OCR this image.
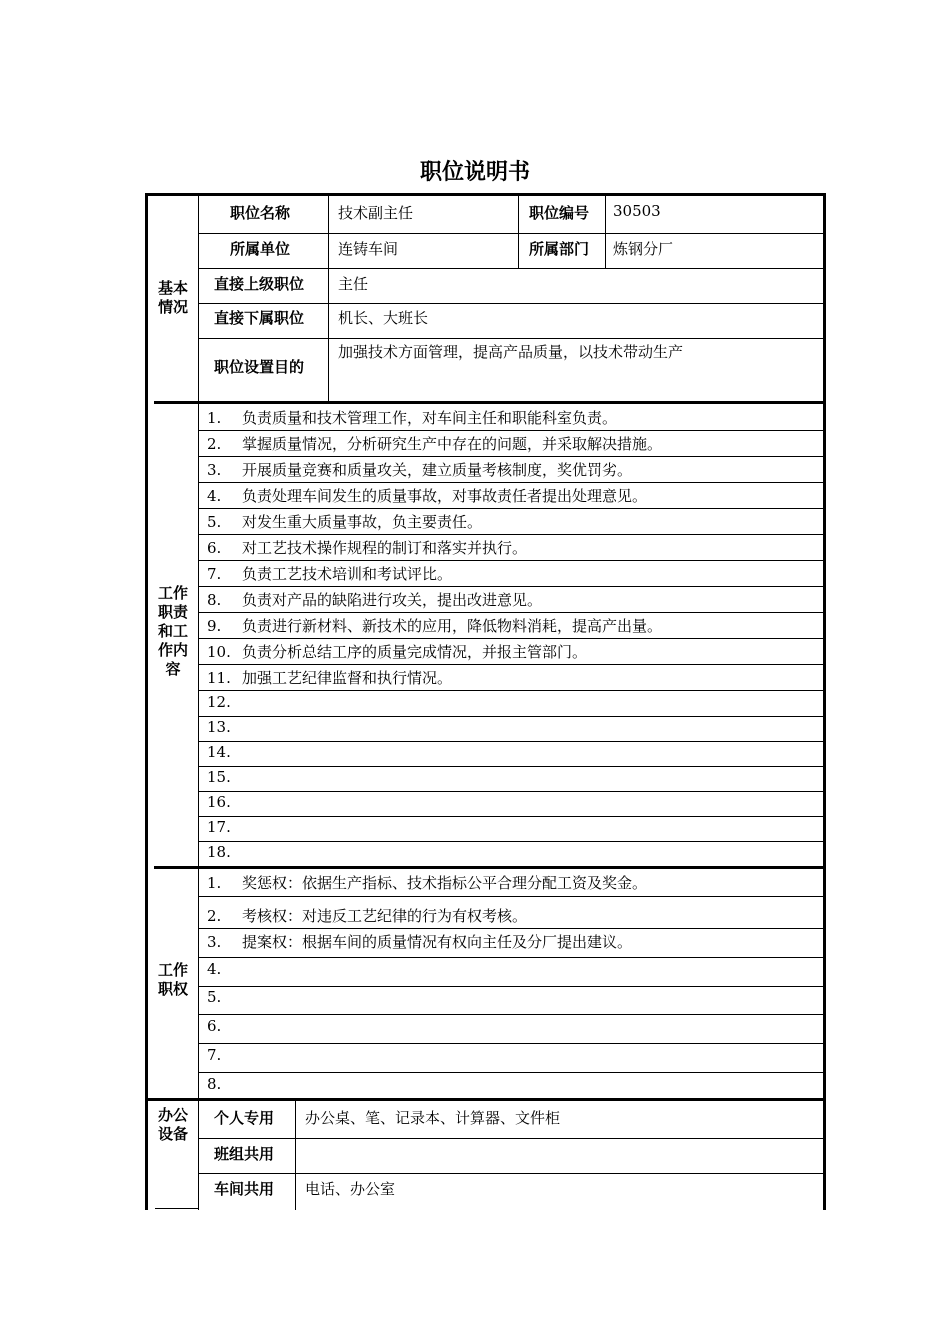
职位说明书
基本
情况
职位名称	技术副主任	职位编号 30503
所属单位	连铸车间	所属部门 炼钢分厂
直接上级职位 主任
直接下属职位 机长、大班长
职位设置目的
加强技术方面管理，提高产品质量，以技术带动生产
工作
职责
和工
作内
容
1. 负责质量和技术管理工作，对车间主任和职能科室负责。
2. 掌握质量情况，分析研究生产中存在的问题，并采取解决措施。
3. 开展质量竞赛和质量攻关，建立质量考核制度，奖优罚劣。
4. 负责处理车间发生的质量事故，对事故责任者提出处理意见。
5. 对发生重大质量事故，负主要责任。
6. 对工艺技术操作规程的制订和落实并执行。
7. 负责工艺技术培训和考试评比。
8. 负责对产品的缺陷进行攻关，提出改进意见。
9. 负责进行新材料、新技术的应用，降低物料消耗，提高产出量。
10. 负责分析总结工序的质量完成情况，并报主管部门。
11. 加强工艺纪律监督和执行情况。
12.
13.
14.
15.
16.
17.
18.
工作
职权
1. 奖惩权：依据生产指标、技术指标公平合理分配工资及奖金。
2. 考核权：对违反工艺纪律的行为有权考核。
3. 提案权：根据车间的质量情况有权向主任及分厂提出建议。
4.
5.
6.
7.
8.
办公
设备
个人专用 办公桌、笔、记录本、计算器、文件柜
班组共用
车间共用 电话、办公室
